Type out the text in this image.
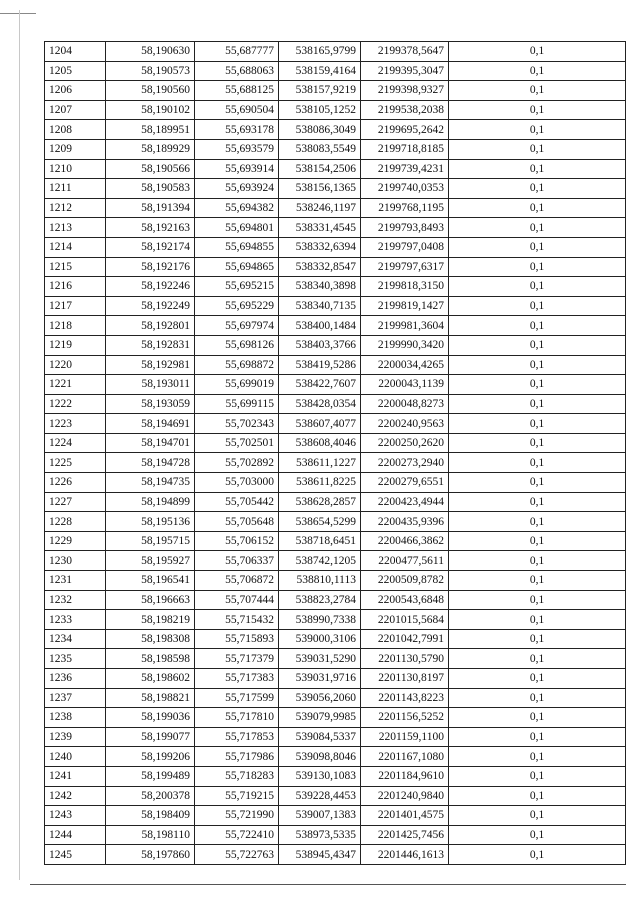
1204	58,190630	55,687777	538165,9799	2199378,5647	0,1
1205	58,190573	55,688063	538159,4164	2199395,3047	0,1
1206	58,190560	55,688125	538157,9219	2199398,9327	0,1
1207	58,190102	55,690504	538105,1252	2199538,2038	0,1
1208	58,189951	55,693178	538086,3049	2199695,2642	0,1
1209	58,189929	55,693579	538083,5549	2199718,8185	0,1
1210	58,190566	55,693914	538154,2506	2199739,4231	0,1
1211	58,190583	55,693924	538156,1365	2199740,0353	0,1
1212	58,191394	55,694382	538246,1197	2199768,1195	0,1
1213	58,192163	55,694801	538331,4545	2199793,8493	0,1
1214	58,192174	55,694855	538332,6394	2199797,0408	0,1
1215	58,192176	55,694865	538332,8547	2199797,6317	0,1
1216	58,192246	55,695215	538340,3898	2199818,3150	0,1
1217	58,192249	55,695229	538340,7135	2199819,1427	0,1
1218	58,192801	55,697974	538400,1484	2199981,3604	0,1
1219	58,192831	55,698126	538403,3766	2199990,3420	0,1
1220	58,192981	55,698872	538419,5286	2200034,4265	0,1
1221	58,193011	55,699019	538422,7607	2200043,1139	0,1
1222	58,193059	55,699115	538428,0354	2200048,8273	0,1
1223	58,194691	55,702343	538607,4077	2200240,9563	0,1
1224	58,194701	55,702501	538608,4046	2200250,2620	0,1
1225	58,194728	55,702892	538611,1227	2200273,2940	0,1
1226	58,194735	55,703000	538611,8225	2200279,6551	0,1
1227	58,194899	55,705442	538628,2857	2200423,4944	0,1
1228	58,195136	55,705648	538654,5299	2200435,9396	0,1
1229	58,195715	55,706152	538718,6451	2200466,3862	0,1
1230	58,195927	55,706337	538742,1205	2200477,5611	0,1
1231	58,196541	55,706872	538810,1113	2200509,8782	0,1
1232	58,196663	55,707444	538823,2784	2200543,6848	0,1
1233	58,198219	55,715432	538990,7338	2201015,5684	0,1
1234	58,198308	55,715893	539000,3106	2201042,7991	0,1
1235	58,198598	55,717379	539031,5290	2201130,5790	0,1
1236	58,198602	55,717383	539031,9716	2201130,8197	0,1
1237	58,198821	55,717599	539056,2060	2201143,8223	0,1
1238	58,199036	55,717810	539079,9985	2201156,5252	0,1
1239	58,199077	55,717853	539084,5337	2201159,1100	0,1
1240	58,199206	55,717986	539098,8046	2201167,1080	0,1
1241	58,199489	55,718283	539130,1083	2201184,9610	0,1
1242	58,200378	55,719215	539228,4453	2201240,9840	0,1
1243	58,198409	55,721990	539007,1383	2201401,4575	0,1
1244	58,198110	55,722410	538973,5335	2201425,7456	0,1
1245	58,197860	55,722763	538945,4347	2201446,1613	0,1
